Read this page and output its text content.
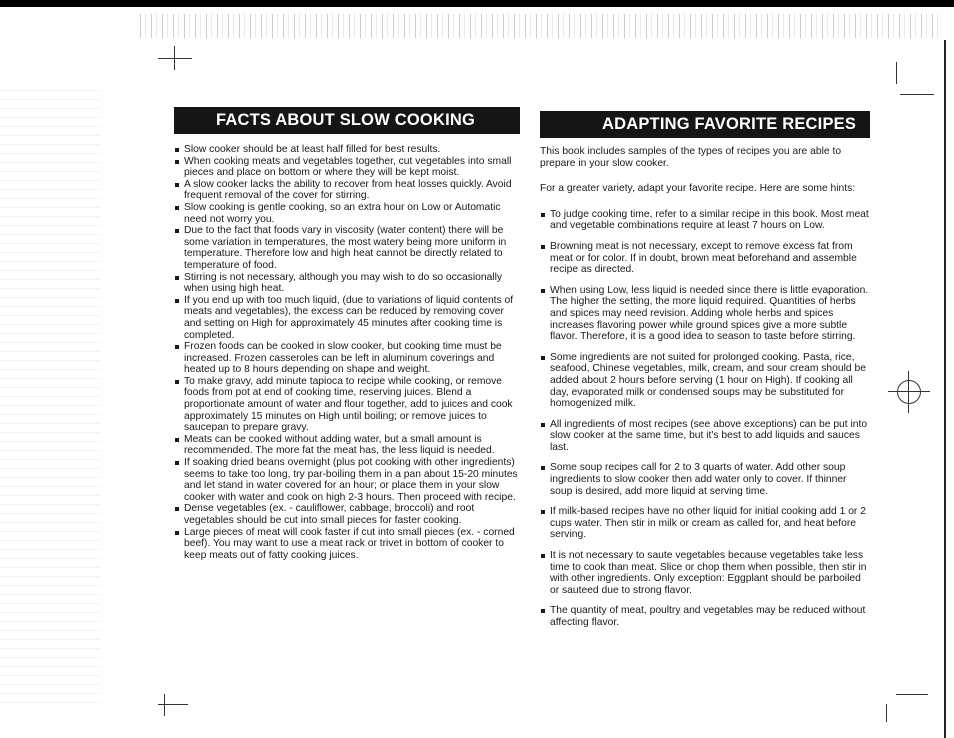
FACTS ABOUT SLOW COOKING
Slow cooker should be at least half filled for best results.
When cooking meats and vegetables together, cut vegetables into small pieces and place on bottom or where they will be kept moist.
A slow cooker lacks the ability to recover from heat losses quickly. Avoid frequent removal of the cover for stirring.
Slow cooking is gentle cooking, so an extra hour on Low or Automatic need not worry you.
Due to the fact that foods vary in viscosity (water content) there will be some variation in temperatures, the most watery being more uniform in temperature. Therefore low and high heat cannot be directly related to temperature of food.
Stirring is not necessary, although you may wish to do so occasionally when using high heat.
If you end up with too much liquid, (due to variations of liquid contents of meats and vegetables), the excess can be reduced by removing cover and setting on High for approximately 45 minutes after cooking time is completed.
Frozen foods can be cooked in slow cooker, but cooking time must be increased. Frozen casseroles can be left in aluminum coverings and heated up to 8 hours depending on shape and weight.
To make gravy, add minute tapioca to recipe while cooking, or remove foods from pot at end of cooking time, reserving juices. Blend a proportionate amount of water and flour together, add to juices and cook approximately 15 minutes on High until boiling; or remove juices to saucepan to prepare gravy.
Meats can be cooked without adding water, but a small amount is recommended. The more fat the meat has, the less liquid is needed.
If soaking dried beans overnight (plus pot cooking with other ingredients) seems to take too long, try par-boiling them in a pan about 15-20 minutes and let stand in water covered for an hour; or place them in your slow cooker with water and cook on high 2-3 hours. Then proceed with recipe.
Dense vegetables (ex. - cauliflower, cabbage, broccoli) and root vegetables should be cut into small pieces for faster cooking.
Large pieces of meat will cook faster if cut into small pieces (ex. - corned beef). You may want to use a meat rack or trivet in bottom of cooker to keep meats out of fatty cooking juices.
ADAPTING FAVORITE RECIPES

This book includes samples of the types of recipes you are able to prepare in your slow cooker.

For a greater variety, adapt your favorite recipe. Here are some hints:

To judge cooking time, refer to a similar recipe in this book. Most meat and vegetable combinations require at least 7 hours on Low.
Browning meat is not necessary, except to remove excess fat from meat or for color. If in doubt, brown meat beforehand and assemble recipe as directed.
When using Low, less liquid is needed since there is little evaporation. The higher the setting, the more liquid required. Quantities of herbs and spices may need revision. Adding whole herbs and spices increases flavoring power while ground spices give a more subtle flavor. Therefore, it is a good idea to season to taste before stirring.
Some ingredients are not suited for prolonged cooking. Pasta, rice, seafood, Chinese vegetables, milk, cream, and sour cream should be added about 2 hours before serving (1 hour on High). If cooking all day, evaporated milk or condensed soups may be substituted for homogenized milk.
All ingredients of most recipes (see above exceptions) can be put into slow cooker at the same time, but it's best to add liquids and sauces last.
Some soup recipes call for 2 to 3 quarts of water. Add other soup ingredients to slow cooker then add water only to cover. If thinner soup is desired, add more liquid at serving time.
If milk-based recipes have no other liquid for initial cooking add 1 or 2 cups water. Then stir in milk or cream as called for, and heat before serving.
It is not necessary to saute vegetables because vegetables take less time to cook than meat. Slice or chop them when possible, then stir in with other ingredients. Only exception: Eggplant should be parboiled or sauteed due to strong flavor.
The quantity of meat, poultry and vegetables may be reduced without affecting flavor.
